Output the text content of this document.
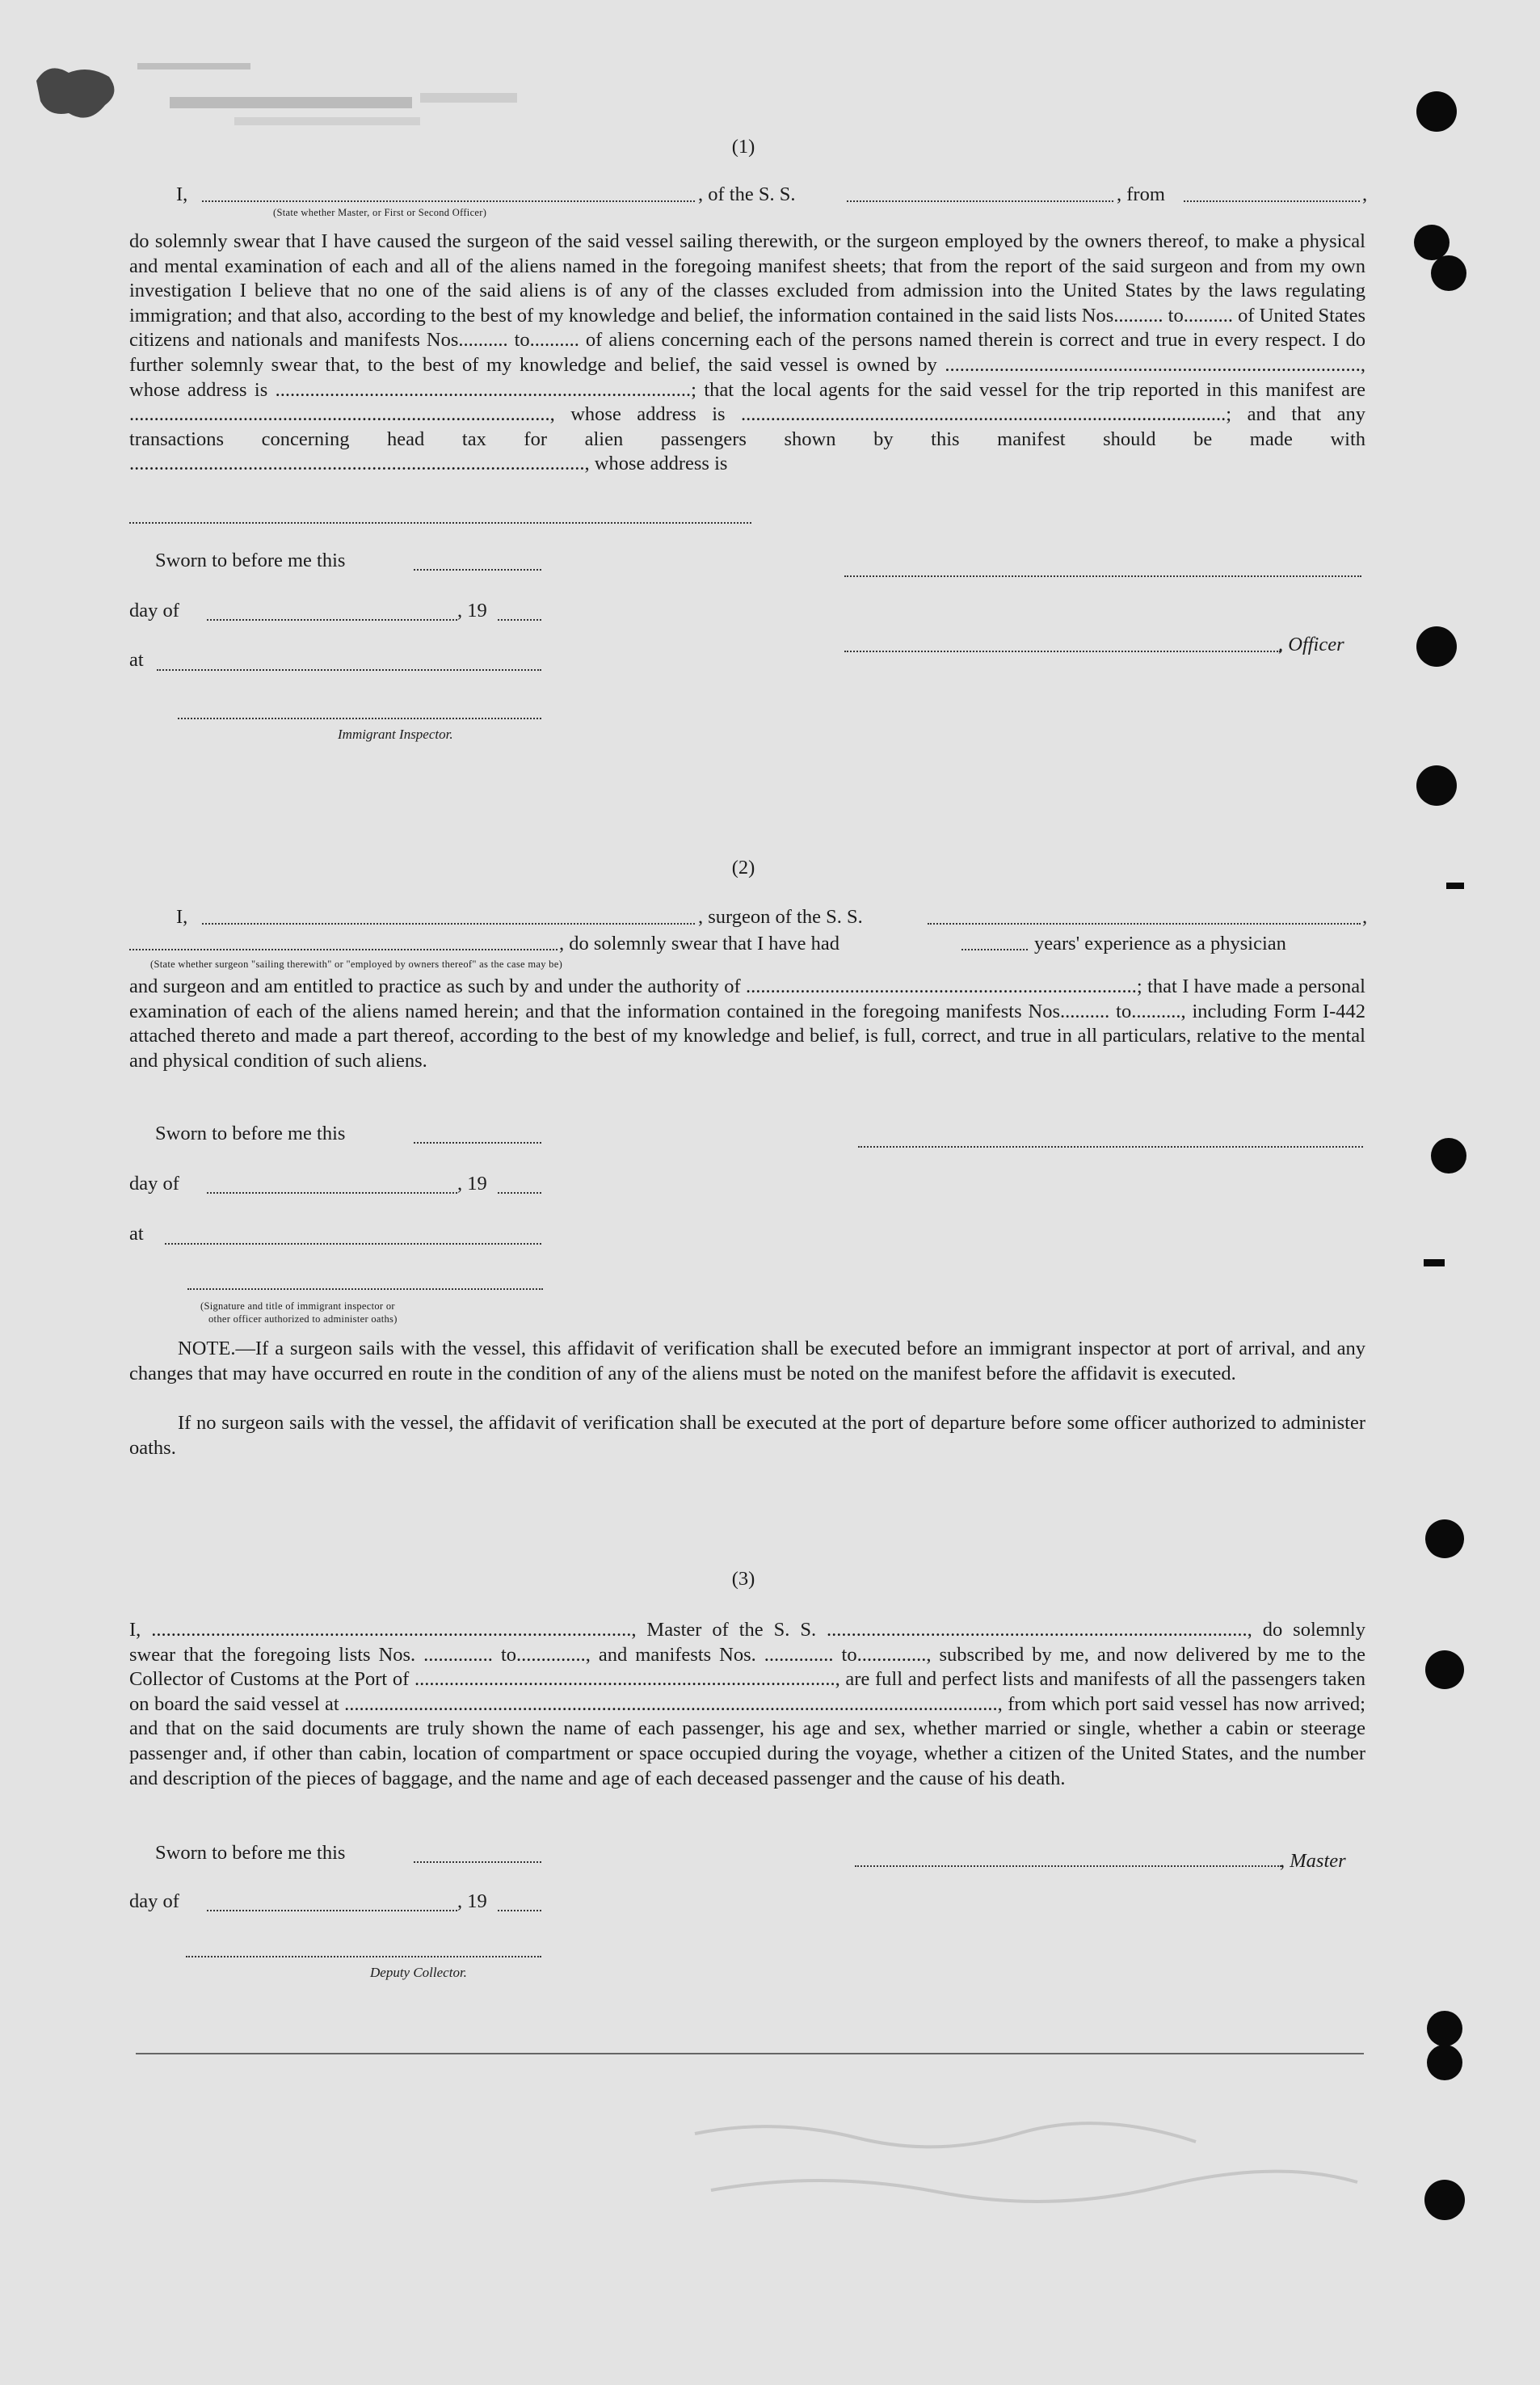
(1)
I,	, of the S. S.	, from	,
(State whether Master, or First or Second Officer)
do solemnly swear that I have caused the surgeon of the said vessel sailing therewith, or the surgeon employed by the owners thereof, to make a physical and mental examination of each and all of the aliens named in the foregoing manifest sheets; that from the report of the said surgeon and from my own investigation I believe that no one of the said aliens is of any of the classes excluded from admission into the United States by the laws regulating immigration; and that also, according to the best of my knowledge and belief, the information contained in the said lists Nos.......... to.......... of United States citizens and nationals and manifests Nos.......... to.......... of aliens concerning each of the persons named therein is correct and true in every respect. I do further solemnly swear that, to the best of my knowledge and belief, the said vessel is owned by ...................................................................................., whose address is ....................................................................................; that the local agents for the said vessel for the trip reported in this manifest are ....................................................................................., whose address is ..................................................................................................; and that any transactions concerning head tax for alien passengers shown by this manifest should be made with ............................................................................................, whose address is
Sworn to before me this
day of	, 19
, Officer
at
Immigrant Inspector.
(2)
I,	, surgeon of the S. S.	,
, do solemnly swear that I have had	years' experience as a physician
(State whether surgeon "sailing therewith" or "employed by owners thereof" as the case may be)
and surgeon and am entitled to practice as such by and under the authority of ...............................................................................; that I have made a personal examination of each of the aliens named herein; and that the information contained in the foregoing manifests Nos.......... to.........., including Form I-442 attached thereto and made a part thereof, according to the best of my knowledge and belief, is full, correct, and true in all particulars, relative to the mental and physical condition of such aliens.
Sworn to before me this
day of	, 19
at
(Signature and title of immigrant inspector or
other officer authorized to administer oaths)
NOTE.—If a surgeon sails with the vessel, this affidavit of verification shall be executed before an immigrant inspector at port of arrival, and any changes that may have occurred en route in the condition of any of the aliens must be noted on the manifest before the affidavit is executed.
If no surgeon sails with the vessel, the affidavit of verification shall be executed at the port of departure before some officer authorized to administer oaths.
(3)
I, ................................................................................................., Master of the S. S. ....................................................................................., do solemnly swear that the foregoing lists Nos. .............. to.............., and manifests Nos. .............. to.............., subscribed by me, and now delivered by me to the Collector of Customs at the Port of ....................................................................................., are full and perfect lists and manifests of all the passengers taken on board the said vessel at ...................................................................................................................................., from which port said vessel has now arrived; and that on the said documents are truly shown the name of each passenger, his age and sex, whether married or single, whether a cabin or steerage passenger and, if other than cabin, location of compartment or space occupied during the voyage, whether a citizen of the United States, and the number and description of the pieces of baggage, and the name and age of each deceased passenger and the cause of his death.
Sworn to before me this	, Master
day of	, 19
Deputy Collector.
